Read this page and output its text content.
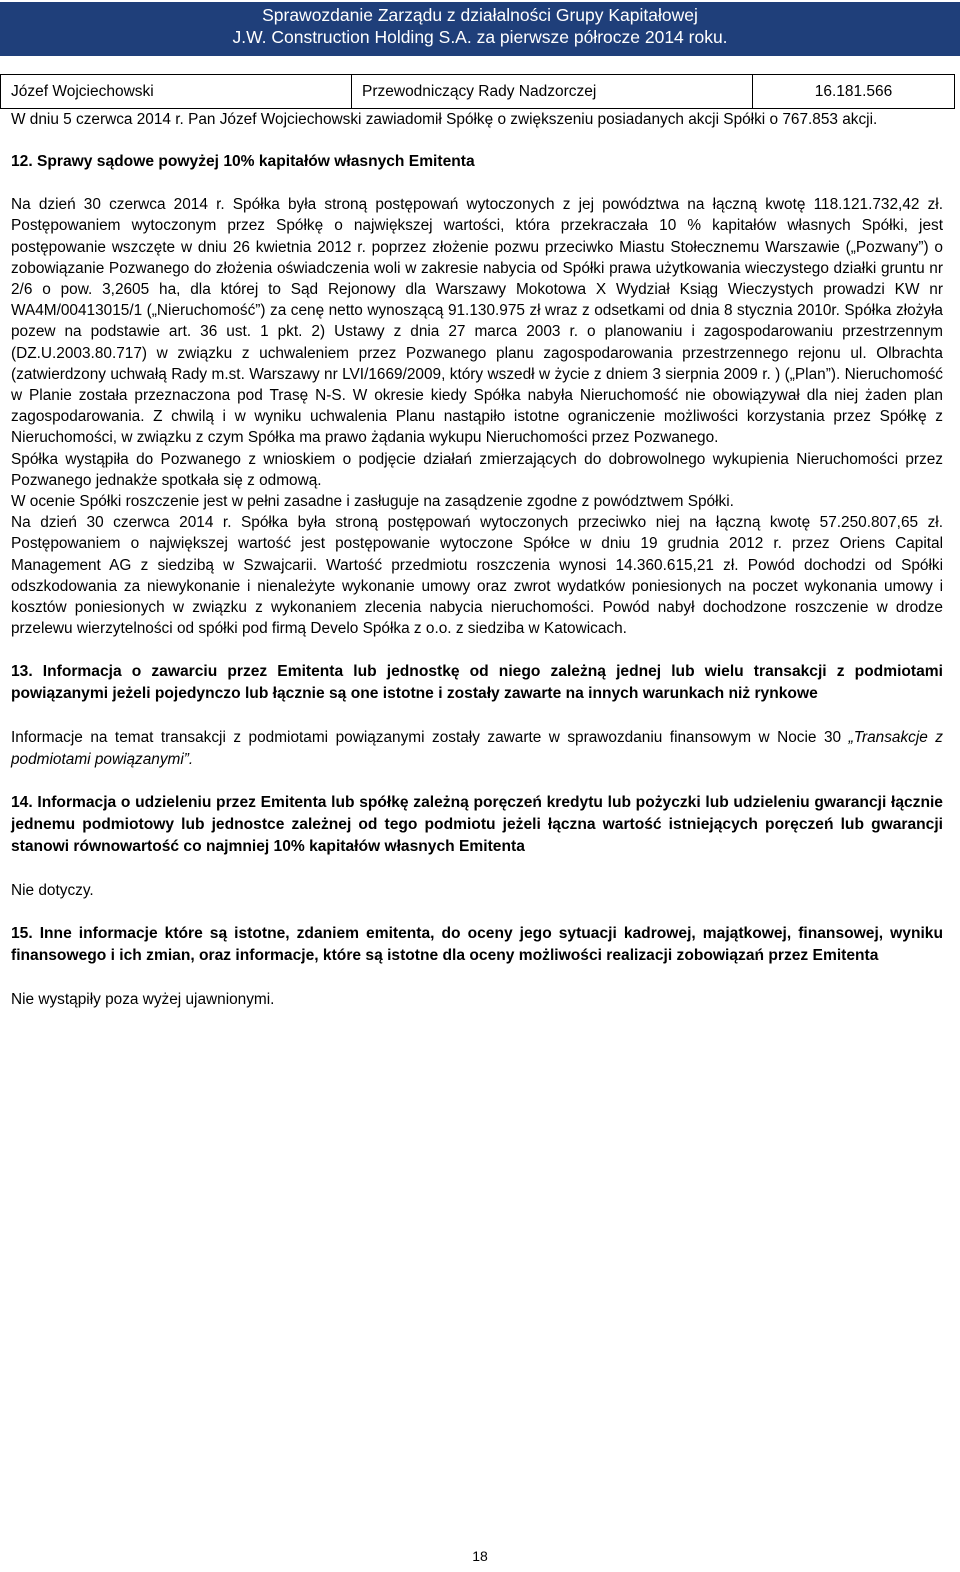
Sprawozdanie Zarządu z działalności Grupy Kapitałowej
J.W. Construction Holding S.A. za pierwsze półrocze 2014 roku.
Józef Wojciechowski	Przewodniczący Rady Nadzorczej	16.181.566

W dniu 5 czerwca 2014 r. Pan Józef Wojciechowski zawiadomił Spółkę o zwiększeniu posiadanych akcji Spółki o 767.853 akcji.

12. Sprawy sądowe powyżej 10% kapitałów własnych Emitenta

Na dzień 30 czerwca 2014 r. Spółka była stroną postępowań wytoczonych z jej powództwa na łączną kwotę 118.121.732,42 zł. Postępowaniem wytoczonym przez Spółkę o największej wartości, która przekraczała 10 % kapitałów własnych Spółki, jest postępowanie wszczęte w dniu 26 kwietnia 2012 r. poprzez złożenie pozwu przeciwko Miastu Stołecznemu Warszawie („Pozwany”) o zobowiązanie Pozwanego do złożenia oświadczenia woli w zakresie nabycia od Spółki prawa użytkowania wieczystego działki gruntu nr 2/6 o pow. 3,2605 ha, dla której to Sąd Rejonowy dla Warszawy Mokotowa X Wydział Ksiąg Wieczystych prowadzi KW nr WA4M/00413015/1 („Nieruchomość”) za cenę netto wynoszącą 91.130.975 zł wraz z odsetkami od dnia 8 stycznia 2010r. Spółka złożyła pozew na podstawie art. 36 ust. 1 pkt. 2) Ustawy z dnia 27 marca 2003 r. o planowaniu i zagospodarowaniu przestrzennym (DZ.U.2003.80.717) w związku z uchwaleniem przez Pozwanego planu zagospodarowania przestrzennego rejonu ul. Olbrachta (zatwierdzony uchwałą Rady m.st. Warszawy nr LVI/1669/2009, który wszedł w życie z dniem 3 sierpnia 2009 r. ) („Plan”). Nieruchomość w Planie została przeznaczona pod Trasę N-S. W okresie kiedy Spółka nabyła Nieruchomość nie obowiązywał dla niej żaden plan zagospodarowania. Z chwilą i w wyniku uchwalenia Planu nastąpiło istotne ograniczenie możliwości korzystania przez Spółkę z Nieruchomości, w związku z czym Spółka ma prawo żądania wykupu Nieruchomości przez Pozwanego.

Spółka wystąpiła do Pozwanego z wnioskiem o podjęcie działań zmierzających do dobrowolnego wykupienia Nieruchomości przez Pozwanego jednakże spotkała się z odmową.

W ocenie Spółki roszczenie jest w pełni zasadne i zasługuje na zasądzenie zgodne z powództwem Spółki.

Na dzień 30 czerwca 2014 r. Spółka była stroną postępowań wytoczonych przeciwko niej na łączną kwotę 57.250.807,65 zł. Postępowaniem o największej wartość jest postępowanie wytoczone Spółce w dniu 19 grudnia 2012 r. przez Oriens Capital Management AG z siedzibą w Szwajcarii. Wartość przedmiotu roszczenia wynosi 14.360.615,21 zł. Powód dochodzi od Spółki odszkodowania za niewykonanie i nienależyte wykonanie umowy oraz zwrot wydatków poniesionych na poczet wykonania umowy i kosztów poniesionych w związku z wykonaniem zlecenia nabycia nieruchomości. Powód nabył dochodzone roszczenie w drodze przelewu wierzytelności od spółki pod firmą Develo Spółka z o.o. z siedziba w Katowicach.

13. Informacja o zawarciu przez Emitenta lub jednostkę od niego zależną jednej lub wielu transakcji z podmiotami powiązanymi jeżeli pojedynczo lub łącznie są one istotne i zostały zawarte na innych warunkach niż rynkowe

Informacje na temat transakcji z podmiotami powiązanymi zostały zawarte w sprawozdaniu finansowym w Nocie 30 „Transakcje z podmiotami powiązanymi”.

14. Informacja o udzieleniu przez Emitenta lub spółkę zależną poręczeń kredytu lub pożyczki lub udzieleniu gwarancji łącznie jednemu podmiotowy lub jednostce zależnej od tego podmiotu jeżeli łączna wartość istniejących poręczeń lub gwarancji stanowi równowartość co najmniej 10% kapitałów własnych Emitenta

Nie dotyczy.

15. Inne informacje które są istotne, zdaniem emitenta, do oceny jego sytuacji kadrowej, majątkowej, finansowej, wyniku finansowego i ich zmian, oraz informacje, które są istotne dla oceny możliwości realizacji zobowiązań przez Emitenta

Nie wystąpiły poza wyżej ujawnionymi.

18
